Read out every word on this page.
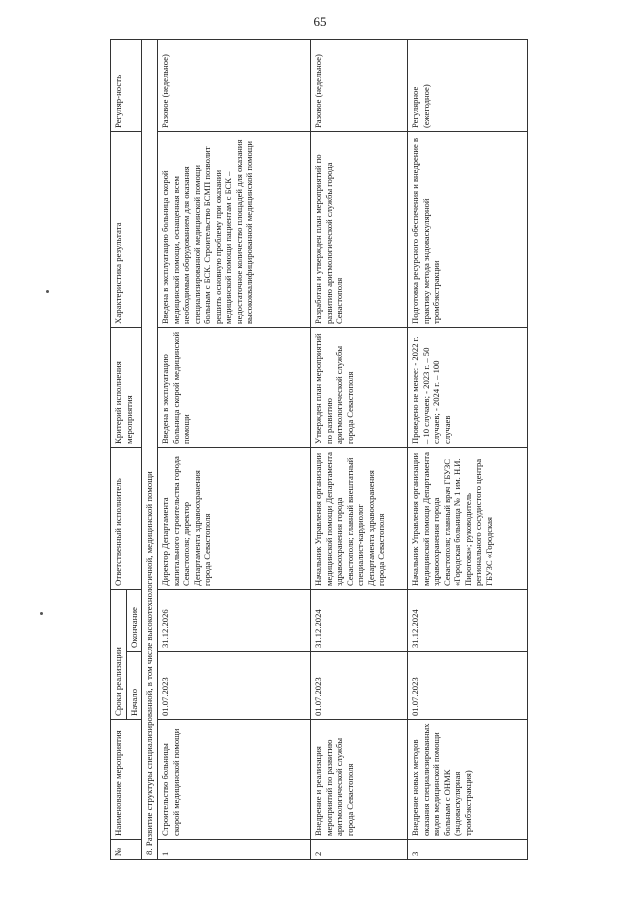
65
№	Наименование мероприятия	Сроки реализации		Ответственный исполнитель	Критерий исполнения мероприятия	Характеристика результата	Регуляр-ность
		Начало	Окончание				
8. Развитие структуры специализированной, в том числе высокотехнологичной, медицинской помощи							
1	Строительство больницы скорой медицинской помощи	01.07.2023	31.12.2026	Директор Департамента капитального строительства города Севастополя; директор Департамента здравоохранения города Севастополя	Введена в эксплуатацию больница скорой медицинской помощи	Введена в эксплуатацию больница скорой медицинской помощи, оснащенная всем необходимым оборудованием для оказания специализированной медицинской помощи больным с БСК. Строительство БСМП позволит решить основную проблему при оказании медицинской помощи пациентам с БСК – недостаточное количество площадей для оказания высококвалифицированной медицинской помощи	Разовое (недельное)
2	Внедрение и реализация мероприятий по развитию аритмологической службы города Севастополя	01.07.2023	31.12.2024	Начальник Управления организации медицинской помощи Департамента здравоохранения города Севастополя; главный внештатный специалист-кардиолог Департамента здравоохранения города Севастополя	Утвержден план мероприятий по развитию аритмологической службы города Севастополя	Разработан и утвержден план мероприятий по развитию аритмологической службы города Севастополя	Разовое (недельное)
3	Внедрение новых методов оказания специализированных видов медицинской помощи больным с ОНМК (эндоваскулярная тромбэкстракция)	01.07.2023	31.12.2024	Начальник Управления организации медицинской помощи Департамента здравоохранения города Севастополя; главный врач ГБУЗС «Городская больница № 1 им. Н.И. Пирогова»; руководитель регионального сосудистого центра ГБУЗС «Городская	Проведено не менее: - 2022 г. – 10 случаев; - 2023 г. – 50 случаев; - 2024 г. – 100 случаев	Подготовка ресурсного обеспечения и внедрение в практику метода эндоваскулярной тромбэкстракции	Регулярное (ежегодное)
